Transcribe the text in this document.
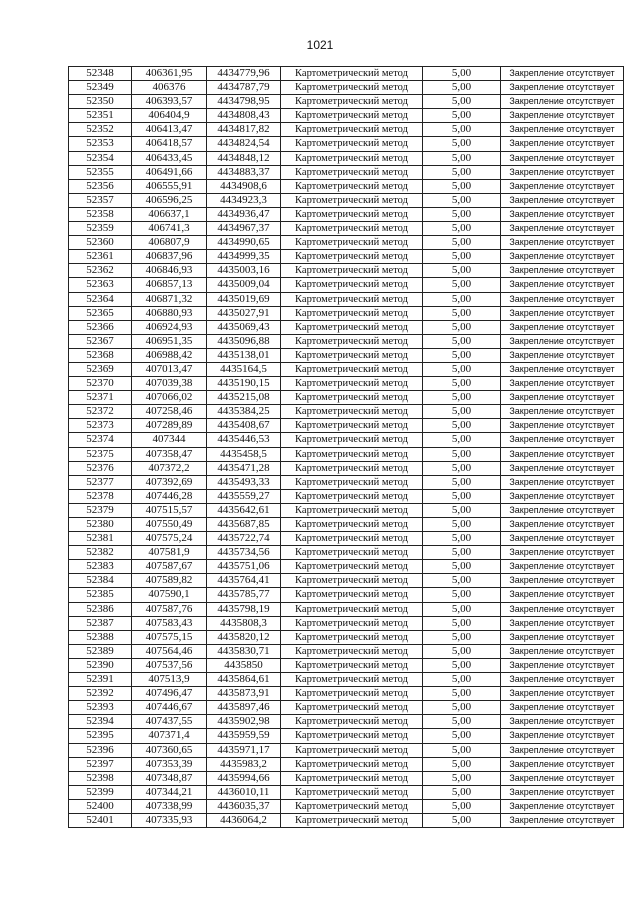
1021
52348	406361,95	4434779,96	Картометрический метод	5,00	Закрепление отсутствует
52349	406376	4434787,79	Картометрический метод	5,00	Закрепление отсутствует
52350	406393,57	4434798,95	Картометрический метод	5,00	Закрепление отсутствует
52351	406404,9	4434808,43	Картометрический метод	5,00	Закрепление отсутствует
52352	406413,47	4434817,82	Картометрический метод	5,00	Закрепление отсутствует
52353	406418,57	4434824,54	Картометрический метод	5,00	Закрепление отсутствует
52354	406433,45	4434848,12	Картометрический метод	5,00	Закрепление отсутствует
52355	406491,66	4434883,37	Картометрический метод	5,00	Закрепление отсутствует
52356	406555,91	4434908,6	Картометрический метод	5,00	Закрепление отсутствует
52357	406596,25	4434923,3	Картометрический метод	5,00	Закрепление отсутствует
52358	406637,1	4434936,47	Картометрический метод	5,00	Закрепление отсутствует
52359	406741,3	4434967,37	Картометрический метод	5,00	Закрепление отсутствует
52360	406807,9	4434990,65	Картометрический метод	5,00	Закрепление отсутствует
52361	406837,96	4434999,35	Картометрический метод	5,00	Закрепление отсутствует
52362	406846,93	4435003,16	Картометрический метод	5,00	Закрепление отсутствует
52363	406857,13	4435009,04	Картометрический метод	5,00	Закрепление отсутствует
52364	406871,32	4435019,69	Картометрический метод	5,00	Закрепление отсутствует
52365	406880,93	4435027,91	Картометрический метод	5,00	Закрепление отсутствует
52366	406924,93	4435069,43	Картометрический метод	5,00	Закрепление отсутствует
52367	406951,35	4435096,88	Картометрический метод	5,00	Закрепление отсутствует
52368	406988,42	4435138,01	Картометрический метод	5,00	Закрепление отсутствует
52369	407013,47	4435164,5	Картометрический метод	5,00	Закрепление отсутствует
52370	407039,38	4435190,15	Картометрический метод	5,00	Закрепление отсутствует
52371	407066,02	4435215,08	Картометрический метод	5,00	Закрепление отсутствует
52372	407258,46	4435384,25	Картометрический метод	5,00	Закрепление отсутствует
52373	407289,89	4435408,67	Картометрический метод	5,00	Закрепление отсутствует
52374	407344	4435446,53	Картометрический метод	5,00	Закрепление отсутствует
52375	407358,47	4435458,5	Картометрический метод	5,00	Закрепление отсутствует
52376	407372,2	4435471,28	Картометрический метод	5,00	Закрепление отсутствует
52377	407392,69	4435493,33	Картометрический метод	5,00	Закрепление отсутствует
52378	407446,28	4435559,27	Картометрический метод	5,00	Закрепление отсутствует
52379	407515,57	4435642,61	Картометрический метод	5,00	Закрепление отсутствует
52380	407550,49	4435687,85	Картометрический метод	5,00	Закрепление отсутствует
52381	407575,24	4435722,74	Картометрический метод	5,00	Закрепление отсутствует
52382	407581,9	4435734,56	Картометрический метод	5,00	Закрепление отсутствует
52383	407587,67	4435751,06	Картометрический метод	5,00	Закрепление отсутствует
52384	407589,82	4435764,41	Картометрический метод	5,00	Закрепление отсутствует
52385	407590,1	4435785,77	Картометрический метод	5,00	Закрепление отсутствует
52386	407587,76	4435798,19	Картометрический метод	5,00	Закрепление отсутствует
52387	407583,43	4435808,3	Картометрический метод	5,00	Закрепление отсутствует
52388	407575,15	4435820,12	Картометрический метод	5,00	Закрепление отсутствует
52389	407564,46	4435830,71	Картометрический метод	5,00	Закрепление отсутствует
52390	407537,56	4435850	Картометрический метод	5,00	Закрепление отсутствует
52391	407513,9	4435864,61	Картометрический метод	5,00	Закрепление отсутствует
52392	407496,47	4435873,91	Картометрический метод	5,00	Закрепление отсутствует
52393	407446,67	4435897,46	Картометрический метод	5,00	Закрепление отсутствует
52394	407437,55	4435902,98	Картометрический метод	5,00	Закрепление отсутствует
52395	407371,4	4435959,59	Картометрический метод	5,00	Закрепление отсутствует
52396	407360,65	4435971,17	Картометрический метод	5,00	Закрепление отсутствует
52397	407353,39	4435983,2	Картометрический метод	5,00	Закрепление отсутствует
52398	407348,87	4435994,66	Картометрический метод	5,00	Закрепление отсутствует
52399	407344,21	4436010,11	Картометрический метод	5,00	Закрепление отсутствует
52400	407338,99	4436035,37	Картометрический метод	5,00	Закрепление отсутствует
52401	407335,93	4436064,2	Картометрический метод	5,00	Закрепление отсутствует
